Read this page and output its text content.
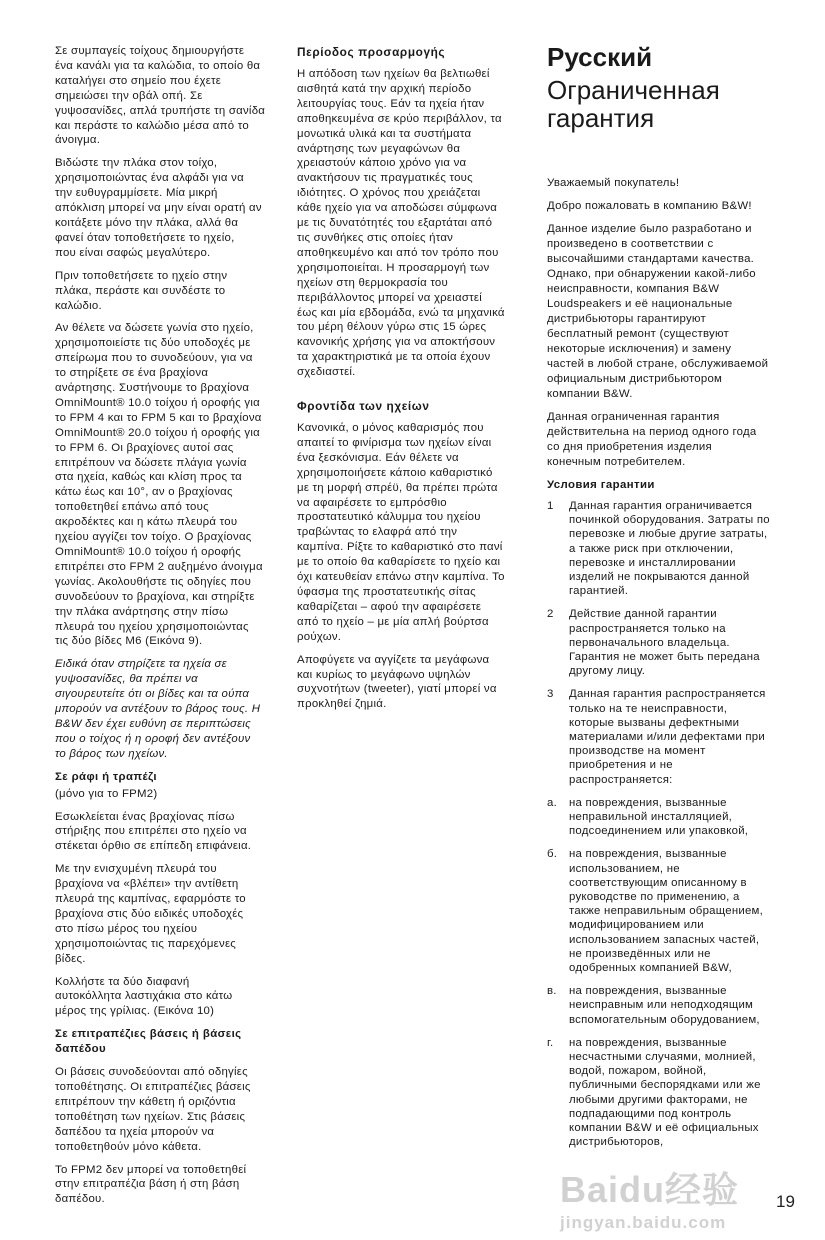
Σε συμπαγείς τοίχους δημιουργήστε
ένα κανάλι για τα καλώδια, το οποίο θα
καταλήγει στο σημείο που έχετε
σημειώσει την οβάλ οπή. Σε
γυψοσανίδες, απλά τρυπήστε τη σανίδα
και περάστε το καλώδιο μέσα από το
άνοιγμα.
Βιδώστε την πλάκα στον τοίχο,
χρησιμοποιώντας ένα αλφάδι για να
την ευθυγραμμίσετε. Μία μικρή
απόκλιση μπορεί να μην είναι ορατή αν
κοιτάξετε μόνο την πλάκα, αλλά θα
φανεί όταν τοποθετήσετε το ηχείο,
που είναι σαφώς μεγαλύτερο.
Πριν τοποθετήσετε το ηχείο στην
πλάκα, περάστε και συνδέστε το
καλώδιο.
Αν θέλετε να δώσετε γωνία στο ηχείο,
χρησιμοποιείστε τις δύο υποδοχές με
σπείρωμα που το συνοδεύουν, για να
το στηρίξετε σε ένα βραχίονα
ανάρτησης. Συστήνουμε το βραχίονα
OmniMount® 10.0 τοίχου ή οροφής για
το FPM 4 και το FPM 5 και το βραχίονα
OmniMount® 20.0 τοίχου ή οροφής για
το FPM 6. Οι βραχίονες αυτοί σας
επιτρέπουν να δώσετε πλάγια γωνία
στα ηχεία, καθώς και κλίση προς τα
κάτω έως και 10°, αν ο βραχίονας
τοποθετηθεί επάνω από τους
ακροδέκτες και η κάτω πλευρά του
ηχείου αγγίζει τον τοίχο. Ο βραχίονας
OmniMount® 10.0 τοίχου ή οροφής
επιτρέπει στο FPM 2 αυξημένο άνοιγμα
γωνίας. Ακολουθήστε τις οδηγίες που
συνοδεύουν το βραχίονα, και στηρίξτε
την πλάκα ανάρτησης στην πίσω
πλευρά του ηχείου χρησιμοποιώντας
τις δύο βίδες M6 (Εικόνα 9).
Ειδικά όταν στηρίζετε τα ηχεία σε
γυψοσανίδες, θα πρέπει να
σιγουρευτείτε ότι οι βίδες και τα ούπα
μπορούν να αντέξουν το βάρος τους. Η
B&W δεν έχει ευθύνη σε περιπτώσεις
που ο τοίχος ή η οροφή δεν αντέξουν
το βάρος των ηχείων.
Σε ράφι ή τραπέζι
(μόνο για το FPM2)
Εσωκλείεται ένας βραχίονας πίσω
στήριξης που επιτρέπει στο ηχείο να
στέκεται όρθιο σε επίπεδη επιφάνεια.
Με την ενισχυμένη πλευρά του
βραχίονα να «βλέπει» την αντίθετη
πλευρά της καμπίνας, εφαρμόστε το
βραχίονα στις δύο ειδικές υποδοχές
στο πίσω μέρος του ηχείου
χρησιμοποιώντας τις παρεχόμενες
βίδες.
Κολλήστε τα δύο διαφανή
αυτοκόλλητα λαστιχάκια στο κάτω
μέρος της γρίλιας. (Εικόνα 10)
Σε επιτραπέζιες βάσεις ή βάσεις
δαπέδου
Οι βάσεις συνοδεύονται από οδηγίες
τοποθέτησης. Οι επιτραπέζιες βάσεις
επιτρέπουν την κάθετη ή οριζόντια
τοποθέτηση των ηχείων. Στις βάσεις
δαπέδου τα ηχεία μπορούν να
τοποθετηθούν μόνο κάθετα.
Το FPM2 δεν μπορεί να τοποθετηθεί
στην επιτραπέζια βάση ή στη βάση
δαπέδου.
Περίοδος προσαρμογής
Η απόδοση των ηχείων θα βελτιωθεί
αισθητά κατά την αρχική περίοδο
λειτουργίας τους. Εάν τα ηχεία ήταν
αποθηκευμένα σε κρύο περιβάλλον, τα
μονωτικά υλικά και τα συστήματα
ανάρτησης των μεγαφώνων θα
χρειαστούν κάποιο χρόνο για να
ανακτήσουν τις πραγματικές τους
ιδιότητες. Ο χρόνος που χρειάζεται
κάθε ηχείο για να αποδώσει σύμφωνα
με τις δυνατότητές του εξαρτάται από
τις συνθήκες στις οποίες ήταν
αποθηκευμένο και από τον τρόπο που
χρησιμοποιείται. Η προσαρμογή των
ηχείων στη θερμοκρασία του
περιβάλλοντος μπορεί να χρειαστεί
έως και μία εβδομάδα, ενώ τα μηχανικά
του μέρη θέλουν γύρω στις 15 ώρες
κανονικής χρήσης για να αποκτήσουν
τα χαρακτηριστικά με τα οποία έχουν
σχεδιαστεί.
Φροντίδα των ηχείων
Κανονικά, ο μόνος καθαρισμός που
απαιτεί το φινίρισμα των ηχείων είναι
ένα ξεσκόνισμα. Εάν θέλετε να
χρησιμοποιήσετε κάποιο καθαριστικό
με τη μορφή σπρέϋ, θα πρέπει πρώτα
να αφαιρέσετε το εμπρόσθιο
προστατευτικό κάλυμμα του ηχείου
τραβώντας το ελαφρά από την
καμπίνα. Ρίξτε το καθαριστικό στο πανί
με το οποίο θα καθαρίσετε το ηχείο και
όχι κατευθείαν επάνω στην καμπίνα. Το
ύφασμα της προστατευτικής σίτας
καθαρίζεται – αφού την αφαιρέσετε
από το ηχείο – με μία απλή βούρτσα
ρούχων.
Αποφύγετε να αγγίζετε τα μεγάφωνα
και κυρίως το μεγάφωνο υψηλών
συχνοτήτων (tweeter), γιατί μπορεί να
προκληθεί ζημιά.
Русский
Ограниченная
гарантия
Уважаемый покупатель!
Добро пожаловать в компанию B&W!
Данное изделие было разработано и
произведено в соответствии с
высочайшими стандартами качества.
Однако, при обнаружении какой-либо
неисправности, компания B&W
Loudspeakers и её национальные
дистрибьюторы гарантируют
бесплатный ремонт (существуют
некоторые исключения) и замену
частей в любой стране, обслуживаемой
официальным дистрибьютором
компании B&W.
Данная ограниченная гарантия
действительна на период одного года
со дня приобретения изделия
конечным потребителем.
Условия гарантии
1	Данная гарантия ограничивается
починкой оборудования. Затраты по
перевозке и любые другие затраты,
а также риск при отключении,
перевозке и инсталлировании
изделий не покрываются данной
гарантией.
2	Действие данной гарантии
распространяется только на
первоначального владельца.
Гарантия не может быть передана
другому лицу.
3	Данная гарантия распространяется
только на те неисправности,
которые вызваны дефектными
материалами и/или дефектами при
производстве на момент
приобретения и не
распространяется:
а.	на повреждения, вызванные
неправильной инсталляцией,
подсоединением или упаковкой,
б.	на повреждения, вызванные
использованием, не
соответствующим описанному в
руководстве по применению, а
также неправильным обращением,
модифицированием или
использованием запасных частей,
не произведённых или не
одобренных компанией B&W,
в.	на повреждения, вызванные
неисправным или неподходящим
вспомогательным оборудованием,
г.	на повреждения, вызванные
несчастными случаями, молнией,
водой, пожаром, войной,
публичными беспорядками или же
любыми другими факторами, не
подпадающими под контроль
компании B&W и её официальных
дистрибьюторов,
Baidu经验
jingyan.baidu.com
19
